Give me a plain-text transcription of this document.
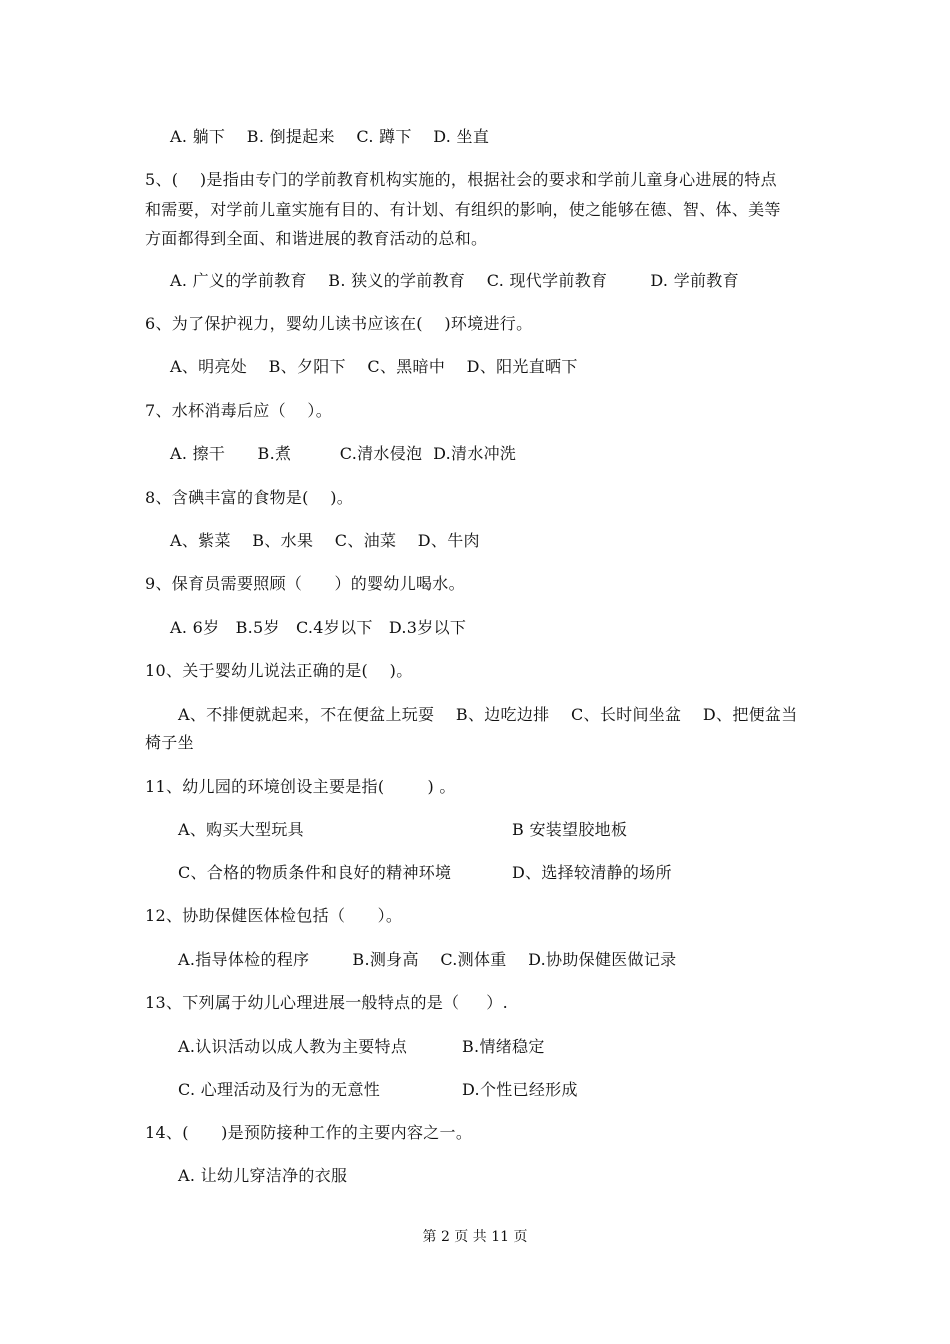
A. 躺下    B. 倒提起来    C. 蹲下    D. 坐直
5、(    )是指由专门的学前教育机构实施的，根据社会的要求和学前儿童身心进展的特点
和需要，对学前儿童实施有目的、有计划、有组织的影响，使之能够在德、智、体、美等
方面都得到全面、和谐进展的教育活动的总和。
A. 广义的学前教育    B. 狭义的学前教育    C. 现代学前教育        D. 学前教育
6、为了保护视力，婴幼儿读书应该在(    )环境进行。
A、明亮处    B、夕阳下    C、黑暗中    D、阳光直晒下
7、水杯消毒后应（    ）。
A. 擦干      B.煮         C.清水侵泡  D.清水冲洗
8、含碘丰富的食物是(    )。
A、紫菜    B、水果    C、油菜    D、牛肉
9、保育员需要照顾（      ）的婴幼儿喝水。
A. 6岁   B.5岁   C.4岁以下   D.3岁以下
10、关于婴幼儿说法正确的是(    )。
A、不排便就起来，不在便盆上玩耍    B、边吃边排    C、长时间坐盆    D、把便盆当
椅子坐
11、幼儿园的环境创设主要是指(        ) 。
A、购买大型玩具	B 安装望胶地板
C、合格的物质条件和良好的精神环境	D、选择较清静的场所
12、协助保健医体检包括（      ）。
A.指导体检的程序        B.测身高    C.测体重    D.协助保健医做记录
13、下列属于幼儿心理进展一般特点的是（     ）.
A.认识活动以成人教为主要特点	B.情绪稳定
C. 心理活动及行为的无意性	D.个性已经形成
14、(      )是预防接种工作的主要内容之一。
A. 让幼儿穿洁净的衣服
第 2 页 共 11 页
